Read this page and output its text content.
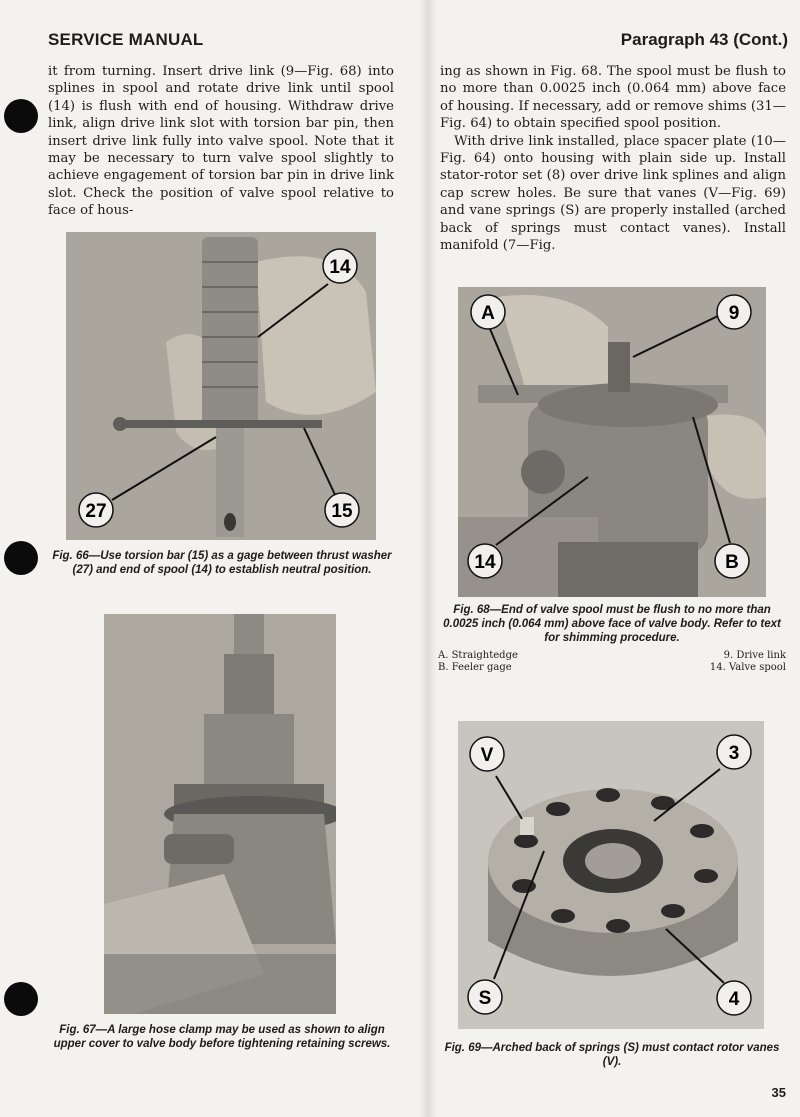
SERVICE MANUAL	Paragraph 43 (Cont.)

it from turning. Insert drive link (9—Fig. 68) into splines in spool and rotate drive link until spool (14) is flush with end of housing. Withdraw drive link, align drive link slot with torsion bar pin, then insert drive link fully into valve spool. Note that it may be necessary to turn valve spool slightly to achieve engagement of torsion bar pin in drive link slot. Check the position of valve spool relative to face of hous-

ing as shown in Fig. 68. The spool must be flush to no more than 0.0025 inch (0.064 mm) above face of housing. If necessary, add or remove shims (31—Fig. 64) to obtain specified spool position.

With drive link installed, place spacer plate (10—Fig. 64) onto housing with plain side up. Install stator-rotor set (8) over drive link splines and align cap screw holes. Be sure that vanes (V—Fig. 69) and vane springs (S) are properly installed (arched back of springs must contact vanes). Install manifold (7—Fig.

14
27	15
Fig. 66—Use torsion bar (15) as a gage between thrust washer (27) and end of spool (14) to establish neutral position.
Fig. 67—A large hose clamp may be used as shown to align upper cover to valve body before tightening retaining screws.
A	9
14	B
Fig. 68—End of valve spool must be flush to no more than 0.0025 inch (0.064 mm) above face of valve body. Refer to text for shimming procedure.
A. Straightedge	9. Drive link
B. Feeler gage	14. Valve spool
V	3
S	4
Fig. 69—Arched back of springs (S) must contact rotor vanes (V).
35
